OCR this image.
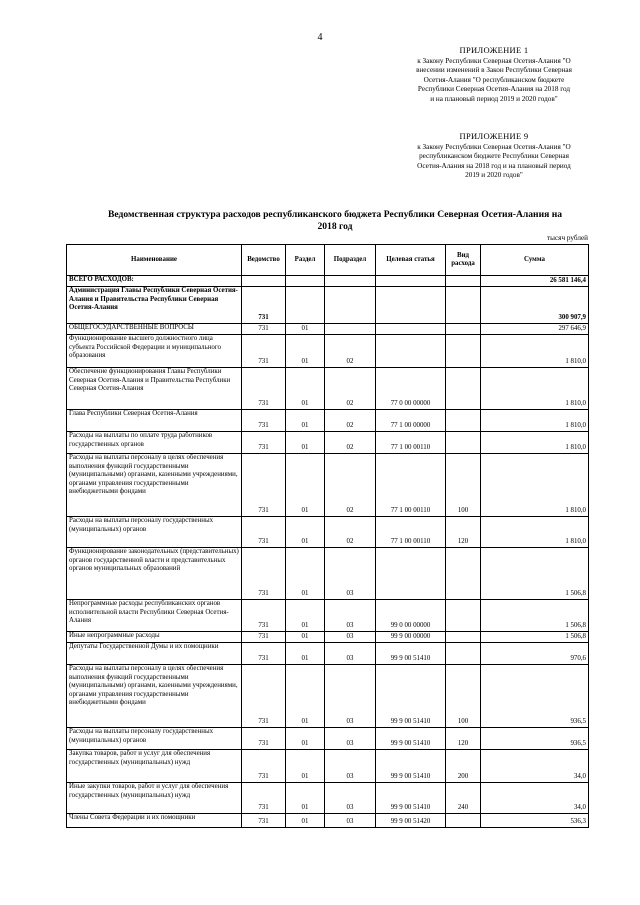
4
ПРИЛОЖЕНИЕ 1
к Закону Республики Северная Осетия-Алания "О
внесении изменений в Закон Республики Северная
Осетия-Алания "О республиканском бюджете
Республики Северная Осетия-Алания на 2018 год
и на плановый период 2019 и 2020 годов"
ПРИЛОЖЕНИЕ 9
к Закону Республики Северная Осетия-Алания "О
республиканском бюджете Республики Северная
Осетия-Алания на 2018 год и на плановый период
2019 и 2020 годов"
Ведомственная структура расходов республиканского бюджета Республики Северная Осетия-Алания на
2018 год
тысяч рублей
Наименование	Ведомство	Раздел	Подраздел	Целевая статья	Вид расхода	Сумма
ВСЕГО РАСХОДОВ:						26 581 146,4
Администрация Главы Республики Северная Осетия-Алания и Правительства Республики Северная Осетия-Алания	731					300 907,9
ОБЩЕГОСУДАРСТВЕННЫЕ ВОПРОСЫ	731	01				297 646,9
Функционирование высшего должностного лица субъекта Российской Федерации и муниципального образования	731	01	02			1 810,0
Обеспечение функционирования Главы Республики Северная Осетия-Алания и Правительства Республики Северная Осетия-Алания	731	01	02	77 0 00 00000		1 810,0
Глава Республики Северная Осетия-Алания	731	01	02	77 1 00 00000		1 810,0
Расходы на выплаты по оплате труда работников государственных органов	731	01	02	77 1 00 00110		1 810,0
Расходы на выплаты персоналу в целях обеспечения выполнения функций государственными (муниципальными) органами, казенными учреждениями, органами управления государственными внебюджетными фондами	731	01	02	77 1 00 00110	100	1 810,0
Расходы на выплаты персоналу государственных (муниципальных) органов	731	01	02	77 1 00 00110	120	1 810,0
Функционирование законодательных (представительных) органов государственной власти и представительных органов муниципальных образований	731	01	03			1 506,8
Непрограммные расходы республиканских органов исполнительной власти Республики Северная Осетия-Алания	731	01	03	99 0 00 00000		1 506,8
Иные непрограммные расходы	731	01	03	99 9 00 00000		1 506,8
Депутаты Государственной Думы и их помощники	731	01	03	99 9 00 51410		970,6
Расходы на выплаты персоналу в целях обеспечения выполнения функций государственными (муниципальными) органами, казенными учреждениями, органами управления государственными внебюджетными фондами	731	01	03	99 9 00 51410	100	936,5
Расходы на выплаты персоналу государственных (муниципальных) органов	731	01	03	99 9 00 51410	120	936,5
Закупка товаров, работ и услуг для обеспечения государственных (муниципальных) нужд	731	01	03	99 9 00 51410	200	34,0
Иные закупки товаров, работ и услуг для обеспечения государственных (муниципальных) нужд	731	01	03	99 9 00 51410	240	34,0
Члены Совета Федерации и их помощники	731	01	03	99 9 00 51420		536,3
